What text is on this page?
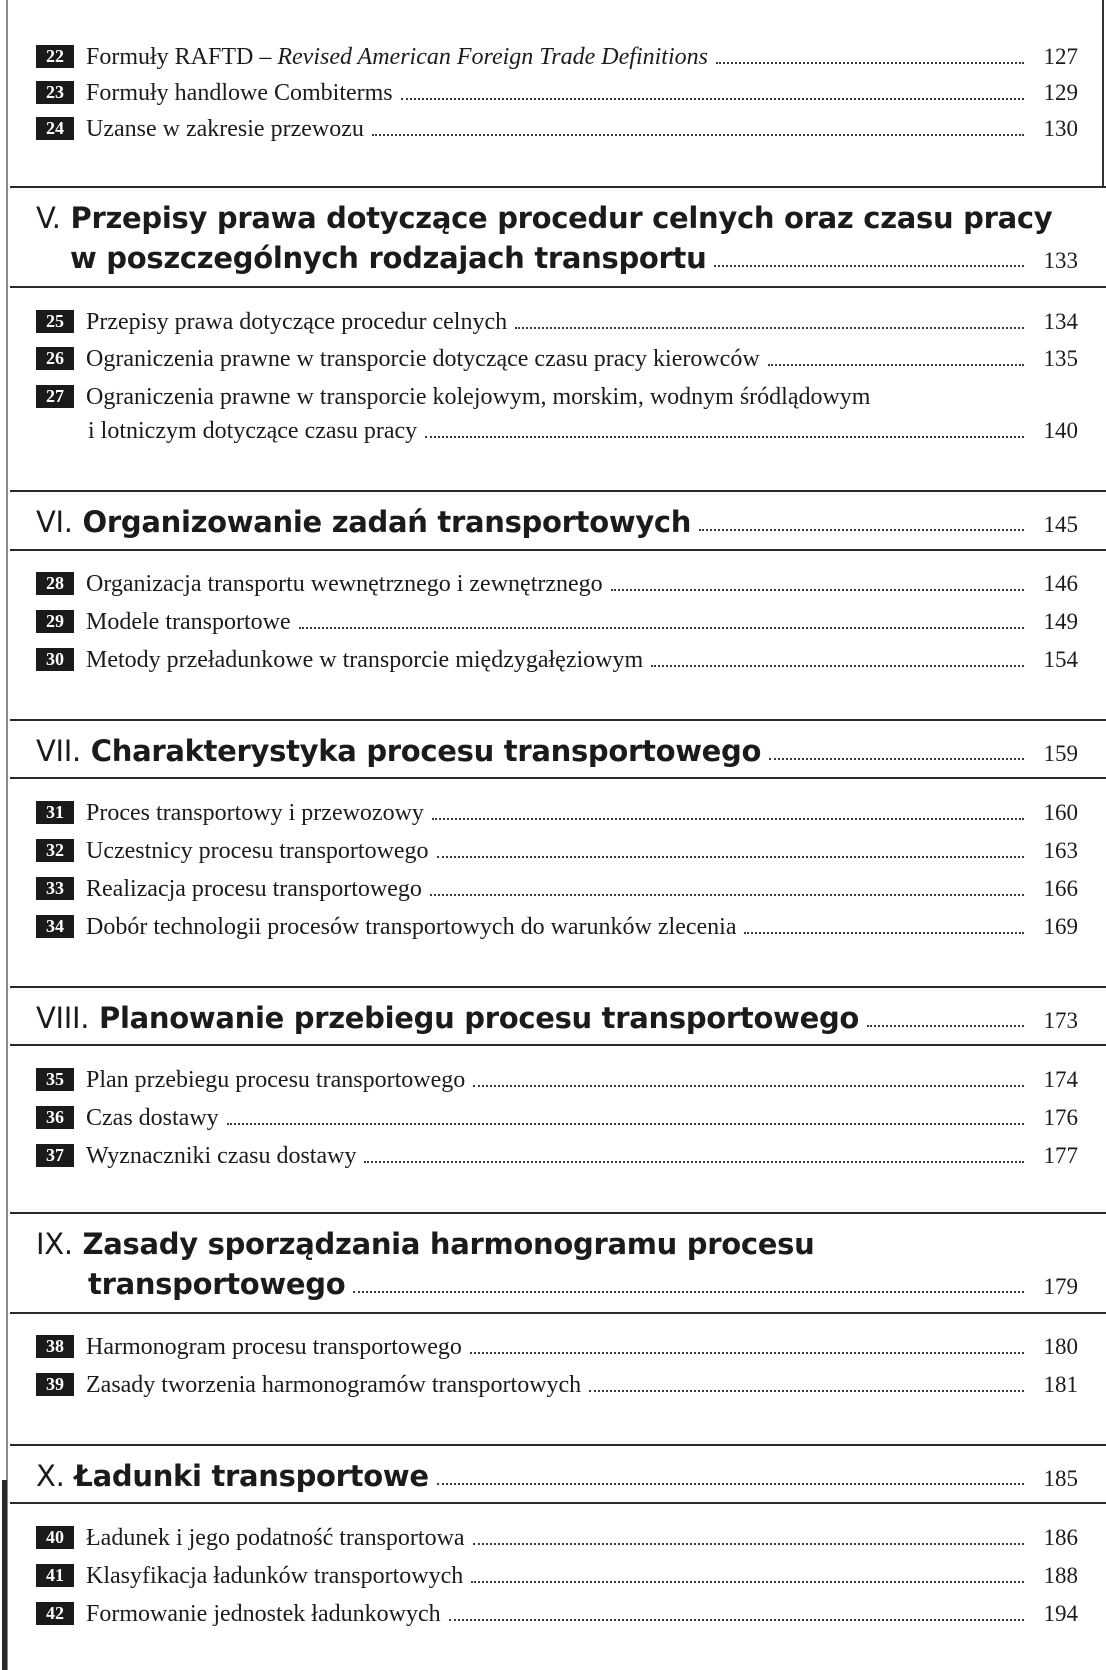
22 Formuły RAFTD – Revised American Foreign Trade Definitions	127
23 Formuły handlowe Combiterms	129
24 Uzanse w zakresie przewozu	130
V. Przepisy prawa dotyczące procedur celnych oraz czasu pracy
w poszczególnych rodzajach transportu	133
25 Przepisy prawa dotyczące procedur celnych	134
26 Ograniczenia prawne w transporcie dotyczące czasu pracy kierowców	135
27 Ograniczenia prawne w transporcie kolejowym, morskim, wodnym śródlądowym
i lotniczym dotyczące czasu pracy	140
VI. Organizowanie zadań transportowych	145
28 Organizacja transportu wewnętrznego i zewnętrznego	146
29 Modele transportowe	149
30 Metody przeładunkowe w transporcie międzygałęziowym	154
VII. Charakterystyka procesu transportowego	159
31 Proces transportowy i przewozowy	160
32 Uczestnicy procesu transportowego	163
33 Realizacja procesu transportowego	166
34 Dobór technologii procesów transportowych do warunków zlecenia	169
VIII. Planowanie przebiegu procesu transportowego	173
35 Plan przebiegu procesu transportowego	174
36 Czas dostawy	176
37 Wyznaczniki czasu dostawy	177
IX. Zasady sporządzania harmonogramu procesu
transportowego	179
38 Harmonogram procesu transportowego	180
39 Zasady tworzenia harmonogramów transportowych	181
X. Ładunki transportowe	185
40 Ładunek i jego podatność transportowa	186
41 Klasyfikacja ładunków transportowych	188
42 Formowanie jednostek ładunkowych	194
